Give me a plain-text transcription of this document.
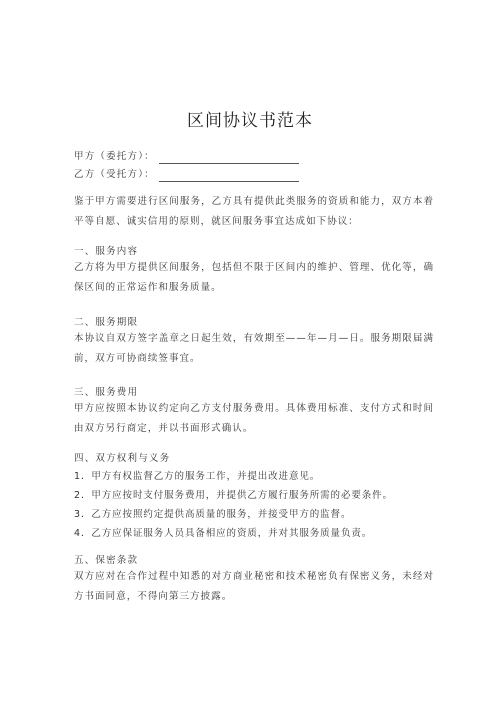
区间协议书范本
甲方（委托方）：
乙方（受托方）：

鉴于甲方需要进行区间服务，乙方具有提供此类服务的资质和能力，双方本着平等自愿、诚实信用的原则，就区间服务事宜达成如下协议：

一、服务内容

乙方将为甲方提供区间服务，包括但不限于区间内的维护、管理、优化等，确保区间的正常运作和服务质量。

二、服务期限

本协议自双方签字盖章之日起生效，有效期至——年—月—日。服务期限届满前，双方可协商续签事宜。

三、服务费用

甲方应按照本协议约定向乙方支付服务费用。具体费用标准、支付方式和时间由双方另行商定，并以书面形式确认。

四、双方权利与义务
1．甲方有权监督乙方的服务工作，并提出改进意见。
2．甲方应按时支付服务费用，并提供乙方履行服务所需的必要条件。
3．乙方应按照约定提供高质量的服务，并接受甲方的监督。
4．乙方应保证服务人员具备相应的资质，并对其服务质量负责。
五、保密条款

双方应对在合作过程中知悉的对方商业秘密和技术秘密负有保密义务，未经对方书面同意，不得向第三方披露。
